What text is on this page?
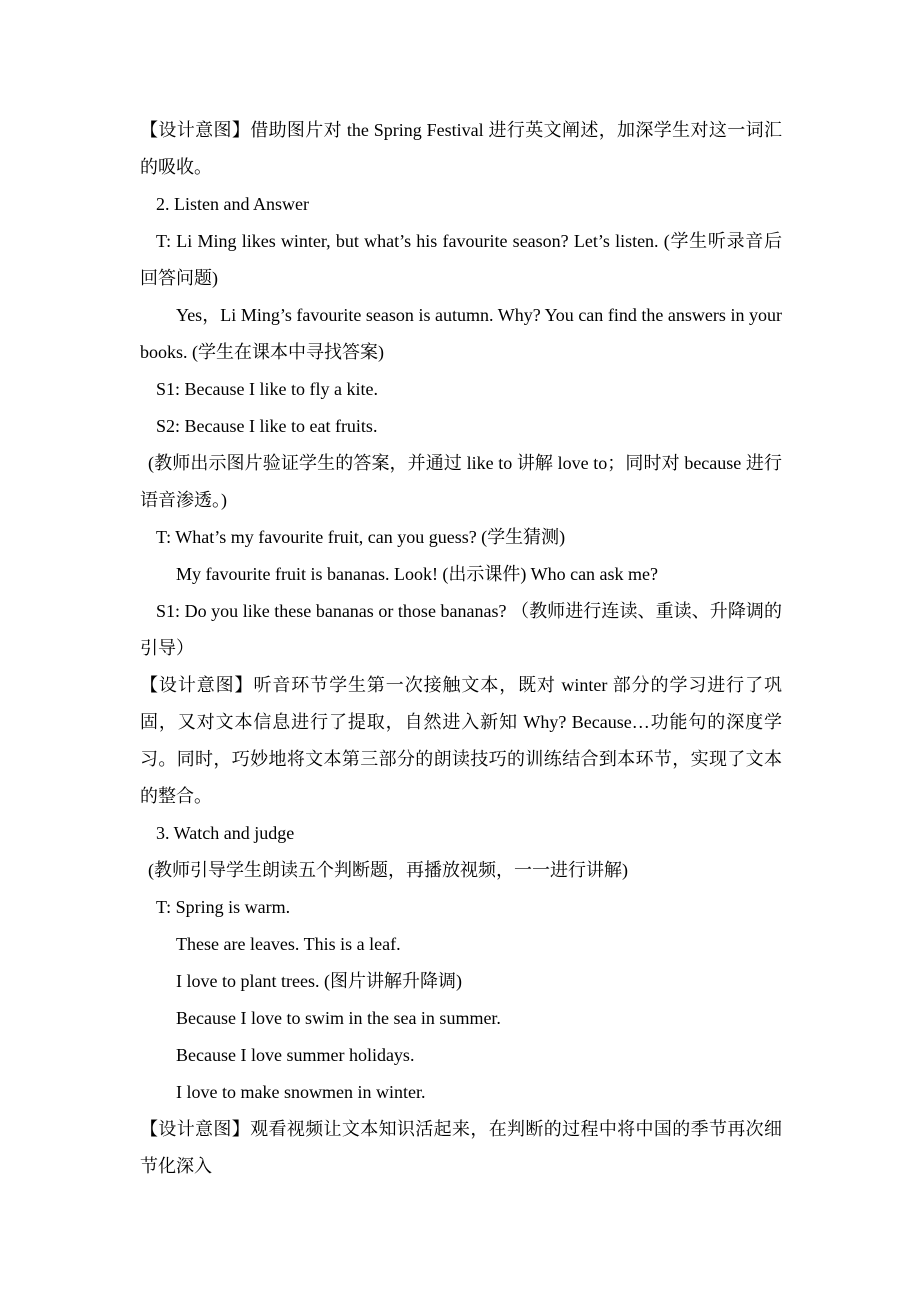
【设计意图】借助图片对 the Spring Festival 进行英文阐述，加深学生对这一词汇的吸收。

2. Listen and Answer

T: Li Ming likes winter, but what’s his favourite season? Let’s listen. (学生听录音后回答问题)

Yes，Li Ming’s favourite season is autumn. Why? You can find the answers in your books. (学生在课本中寻找答案)

S1: Because I like to fly a kite.

S2: Because I like to eat fruits.

(教师出示图片验证学生的答案，并通过 like to 讲解 love to；同时对 because 进行语音渗透。)

T: What’s my favourite fruit, can you guess? (学生猜测)

My favourite fruit is bananas. Look! (出示课件) Who can ask me?

S1: Do you like these bananas or those bananas? （教师进行连读、重读、升降调的引导）

【设计意图】听音环节学生第一次接触文本，既对 winter 部分的学习进行了巩固，又对文本信息进行了提取，自然进入新知 Why? Because…功能句的深度学习。同时，巧妙地将文本第三部分的朗读技巧的训练结合到本环节，实现了文本的整合。

3. Watch and judge

(教师引导学生朗读五个判断题，再播放视频，一一进行讲解)

T: Spring is warm.

These are leaves. This is a leaf.

I love to plant trees. (图片讲解升降调)

Because I love to swim in the sea in summer.

Because I love summer holidays.

I love to make snowmen in winter.

【设计意图】观看视频让文本知识活起来，在判断的过程中将中国的季节再次细节化深入
